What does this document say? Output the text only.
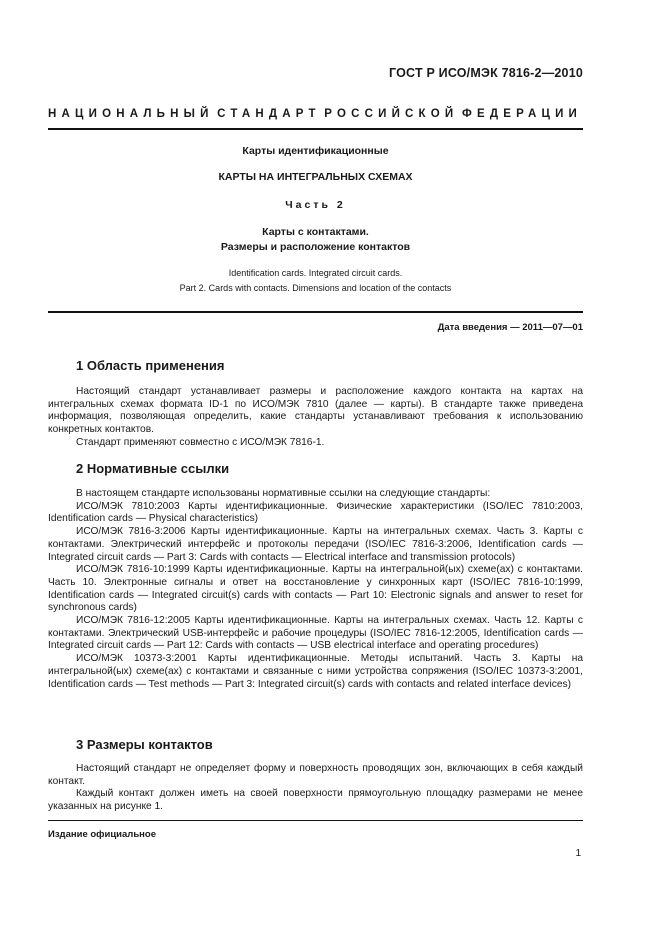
ГОСТ Р ИСО/МЭК 7816-2—2010
НАЦИОНАЛЬНЫЙ СТАНДАРТ РОССИЙСКОЙ ФЕДЕРАЦИИ
Карты идентификационные
КАРТЫ НА ИНТЕГРАЛЬНЫХ СХЕМАХ
Часть 2
Карты с контактами.
Размеры и расположение контактов
Identification cards. Integrated circuit cards.
Part 2. Cards with contacts. Dimensions and location of the contacts
Дата введения — 2011—07—01
1 Область применения

Настоящий стандарт устанавливает размеры и расположение каждого контакта на картах на интегральных схемах формата ID-1 по ИСО/МЭК 7810 (далее — карты). В стандарте также приведена информация, позволяющая определить, какие стандарты устанавливают требования к использованию конкретных контактов.

Стандарт применяют совместно с ИСО/МЭК 7816-1.

2 Нормативные ссылки

В настоящем стандарте использованы нормативные ссылки на следующие стандарты:

ИСО/МЭК 7810:2003 Карты идентификационные. Физические характеристики (ISO/IEC 7810:2003, Identification cards — Physical characteristics)

ИСО/МЭК 7816-3:2006 Карты идентификационные. Карты на интегральных схемах. Часть 3. Карты с контактами. Электрический интерфейс и протоколы передачи (ISO/IEC 7816-3:2006, Identification cards — Integrated circuit cards — Part 3: Cards with contacts — Electrical interface and transmission protocols)

ИСО/МЭК 7816-10:1999 Карты идентификационные. Карты на интегральной(ых) схеме(ах) с контактами. Часть 10. Электронные сигналы и ответ на восстановление у синхронных карт (ISO/IEC 7816-10:1999, Identification cards — Integrated circuit(s) cards with contacts — Part 10: Electronic signals and answer to reset for synchronous cards)

ИСО/МЭК 7816-12:2005 Карты идентификационные. Карты на интегральных схемах. Часть 12. Карты с контактами. Электрический USB-интерфейс и рабочие процедуры (ISO/IEC 7816-12:2005, Identification cards — Integrated circuit cards — Part 12: Cards with contacts — USB electrical interface and operating procedures)

ИСО/МЭК 10373-3:2001 Карты идентификационные. Методы испытаний. Часть 3. Карты на интегральной(ых) схеме(ах) с контактами и связанные с ними устройства сопряжения (ISO/IEC 10373-3:2001, Identification cards — Test methods — Part 3: Integrated circuit(s) cards with contacts and related interface devices)

3 Размеры контактов

Настоящий стандарт не определяет форму и поверхность проводящих зон, включающих в себя каждый контакт.

Каждый контакт должен иметь на своей поверхности прямоугольную площадку размерами не менее указанных на рисунке 1.

Издание официальное
1
